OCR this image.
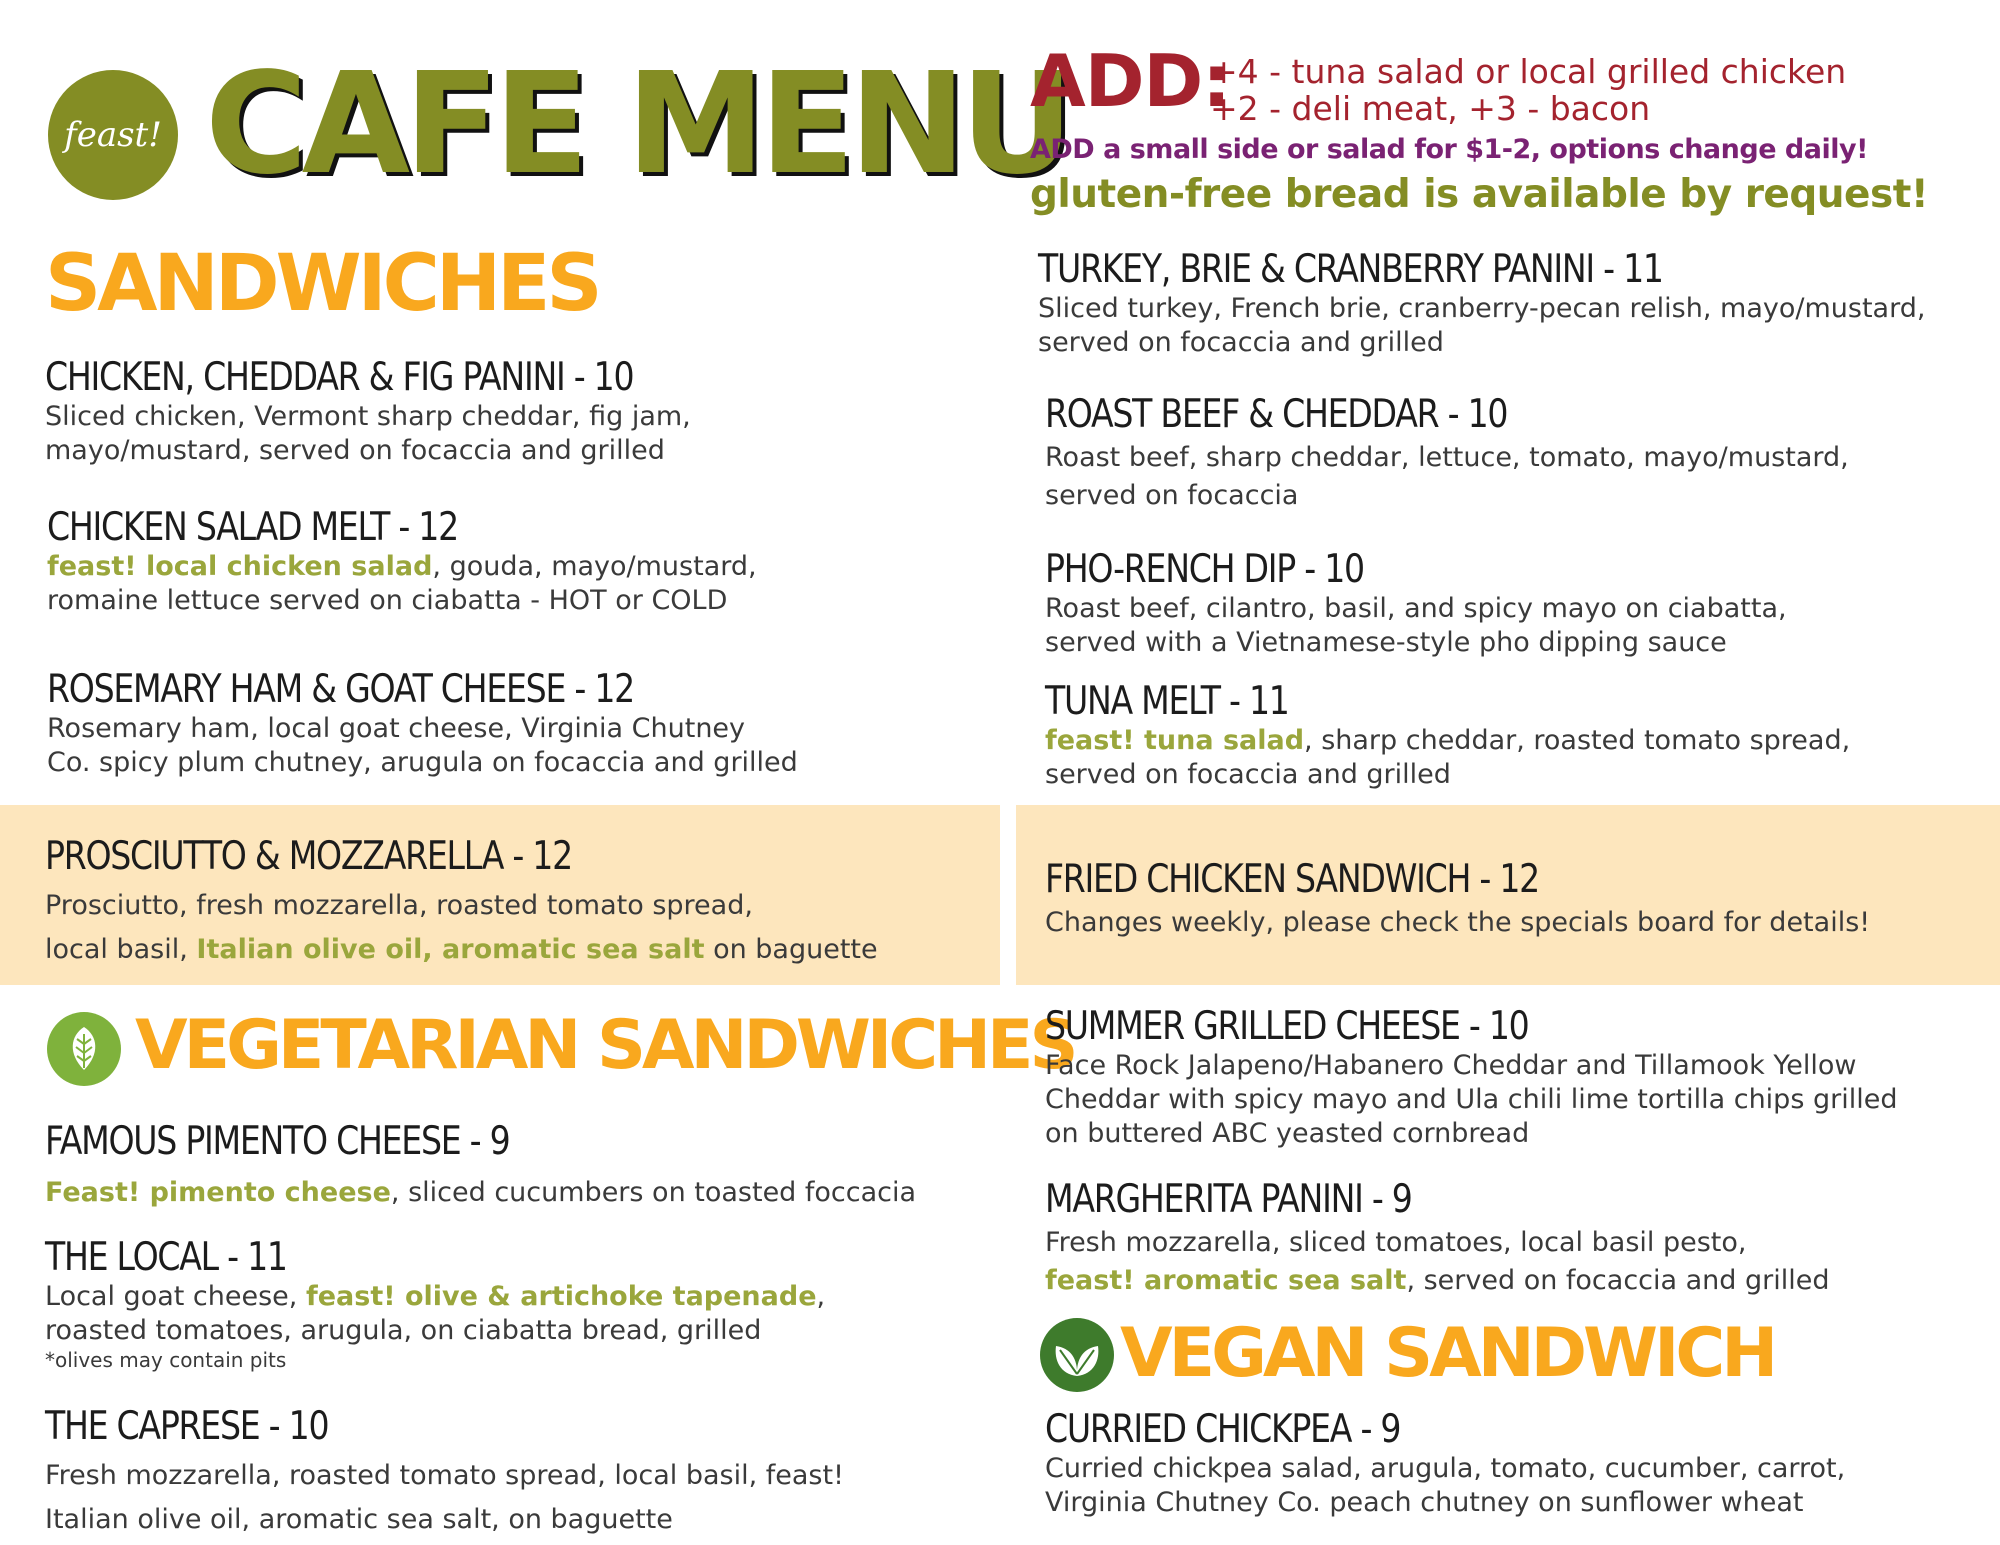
feast! CAFE MENU
ADD:
+4 - tuna salad or local grilled chicken
+2 - deli meat, +3 - bacon
ADD a small side or salad for $1-2, options change daily!
gluten-free bread is available by request!
SANDWICHES
VEGETARIAN SANDWICHES
VEGAN SANDWICH
CHICKEN, CHEDDAR & FIG PANINI - 10
Sliced chicken, Vermont sharp cheddar, fig jam,
mayo/mustard, served on focaccia and grilled
CHICKEN SALAD MELT - 12
feast! local chicken salad, gouda, mayo/mustard,
romaine lettuce served on ciabatta - HOT or COLD
ROSEMARY HAM & GOAT CHEESE - 12
Rosemary ham, local goat cheese, Virginia Chutney
Co. spicy plum chutney, arugula on focaccia and grilled
PROSCIUTTO & MOZZARELLA - 12
Prosciutto, fresh mozzarella, roasted tomato spread,
local basil, Italian olive oil, aromatic sea salt on baguette
FAMOUS PIMENTO CHEESE - 9
Feast! pimento cheese, sliced cucumbers on toasted foccacia
THE LOCAL - 11
Local goat cheese, feast! olive & artichoke tapenade,
roasted tomatoes, arugula, on ciabatta bread, grilled
*olives may contain pits
THE CAPRESE - 10
Fresh mozzarella, roasted tomato spread, local basil, feast!
Italian olive oil, aromatic sea salt, on baguette
TURKEY, BRIE & CRANBERRY PANINI - 11
Sliced turkey, French brie, cranberry-pecan relish, mayo/mustard,
served on focaccia and grilled
ROAST BEEF & CHEDDAR - 10
Roast beef, sharp cheddar, lettuce, tomato, mayo/mustard,
served on focaccia
PHO-RENCH DIP - 10
Roast beef, cilantro, basil, and spicy mayo on ciabatta,
served with a Vietnamese-style pho dipping sauce
TUNA MELT - 11
feast! tuna salad, sharp cheddar, roasted tomato spread,
served on focaccia and grilled
FRIED CHICKEN SANDWICH - 12
Changes weekly, please check the specials board for details!
SUMMER GRILLED CHEESE - 10
Face Rock Jalapeno/Habanero Cheddar and Tillamook Yellow
Cheddar with spicy mayo and Ula chili lime tortilla chips grilled
on buttered ABC yeasted cornbread
MARGHERITA PANINI - 9
Fresh mozzarella, sliced tomatoes, local basil pesto,
feast! aromatic sea salt, served on focaccia and grilled
CURRIED CHICKPEA - 9
Curried chickpea salad, arugula, tomato, cucumber, carrot,
Virginia Chutney Co. peach chutney on sunflower wheat
